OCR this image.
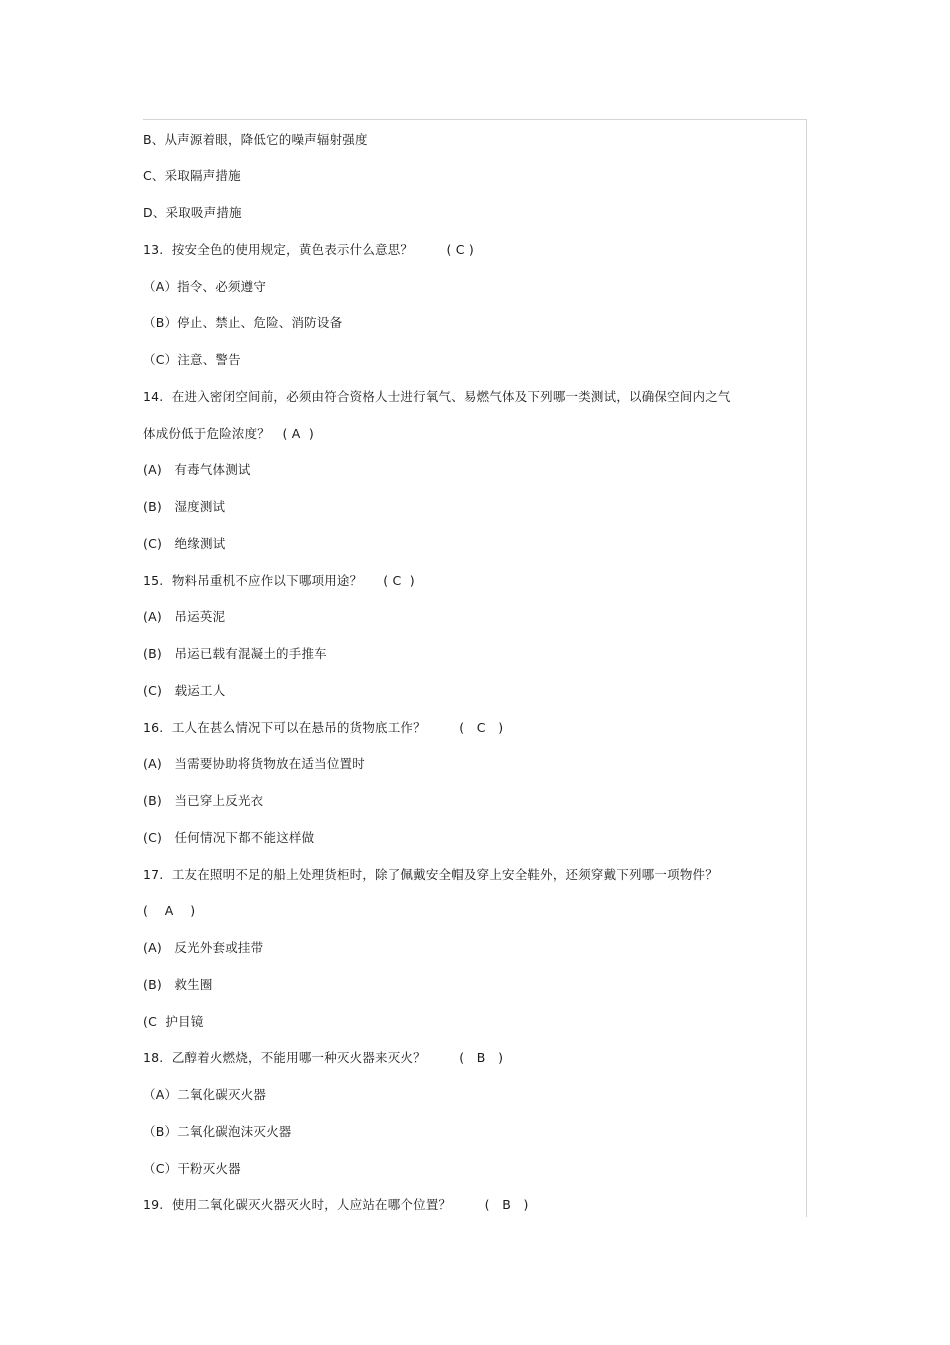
B、从声源着眼，降低它的噪声辐射强度
C、采取隔声措施
D、采取吸声措施
13.  按安全色的使用规定，黄色表示什么意思？        ( C )
（A）指令、必须遵守
（B）停止、禁止、危险、消防设备
（C）注意、警告
14.  在进入密闭空间前，必须由符合资格人士进行氧气、易燃气体及下列哪一类测试，以确保空间内之气
体成份低于危险浓度？   ( A  )
(A)   有毒气体测试
(B)   湿度测试
(C)   绝缘测试
15.  物料吊重机不应作以下哪项用途？     ( C  )
(A)   吊运英泥
(B)   吊运已载有混凝土的手推车
(C)   载运工人
16.  工人在甚么情况下可以在悬吊的货物底工作？        (   C   )
(A)   当需要协助将货物放在适当位置时
(B)   当已穿上反光衣
(C)   任何情况下都不能这样做
17.  工友在照明不足的船上处理货柜时，除了佩戴安全帽及穿上安全鞋外，还须穿戴下列哪一项物件？
(    A    )
(A)   反光外套或挂带
(B)   救生圈
(C  护目镜
18.  乙醇着火燃烧，不能用哪一种灭火器来灭火？        (   B   )
（A）二氧化碳灭火器
（B）二氧化碳泡沫灭火器
（C）干粉灭火器
19.  使用二氧化碳灭火器灭火时，人应站在哪个位置？        (   B   )
